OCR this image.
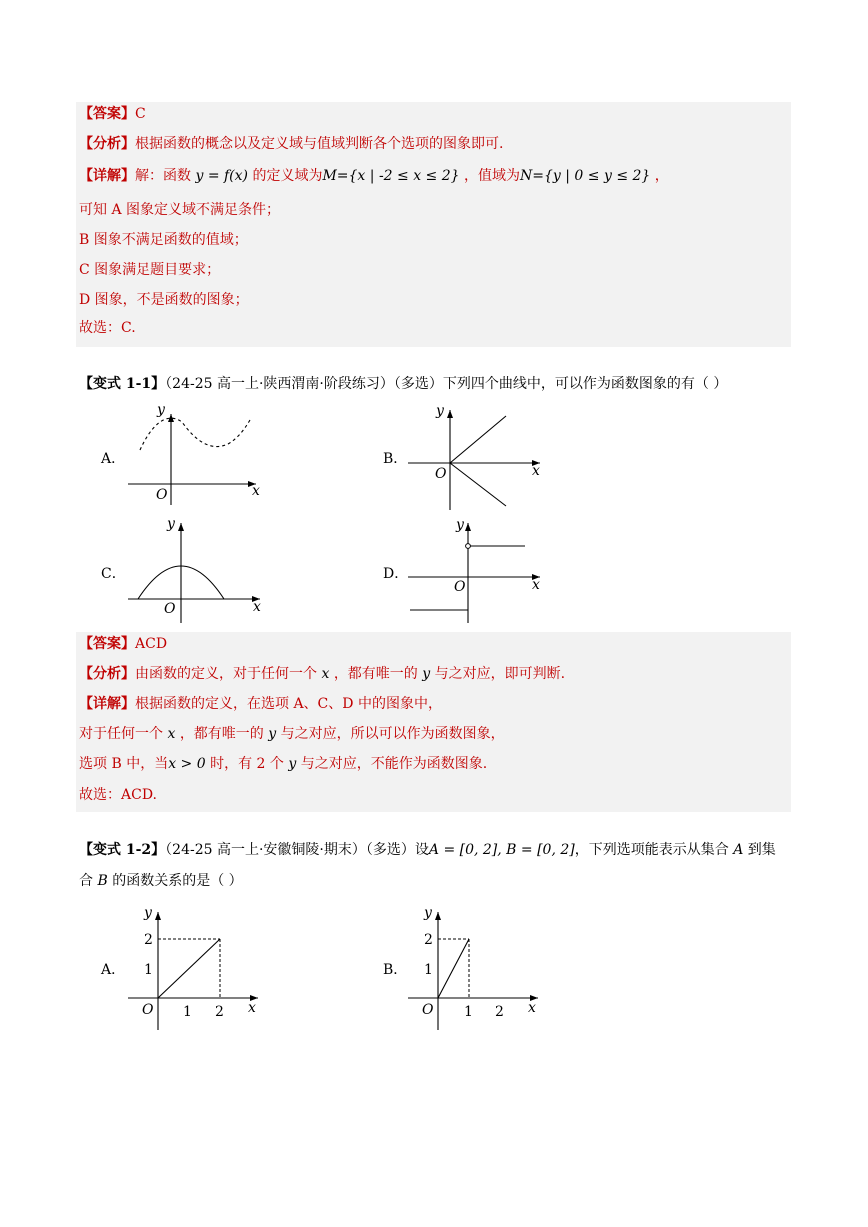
【答案】C
【分析】根据函数的概念以及定义域与值域判断各个选项的图象即可.
【详解】解：函数 y = f(x) 的定义域为M={x | -2 ≤ x ≤ 2} ，值域为N={y | 0 ≤ y ≤ 2} ，
可知 A 图象定义域不满足条件；
B 图象不满足函数的值域；
C 图象满足题目要求；
D 图象，不是函数的图象；
故选：C.
【变式 1-1】（24-25 高一上·陕西渭南·阶段练习）（多选）下列四个曲线中，可以作为函数图象的有（ ）
A．
y
x
O
B．
y
x
O
C．
y
x
O
D．
y
x
O
【答案】ACD
【分析】由函数的定义，对于任何一个 x ，都有唯一的 y 与之对应，即可判断.
【详解】根据函数的定义，在选项 A、C、D 中的图象中，
对于任何一个 x ，都有唯一的 y 与之对应，所以可以作为函数图象，
选项 B 中，当x > 0 时，有 2 个 y 与之对应，不能作为函数图象.
故选：ACD.
【变式 1-2】（24-25 高一上·安徽铜陵·期末）（多选）设A = [0, 2], B = [0, 2]，下列选项能表示从集合 A 到集
合 B 的函数关系的是（ ）
A．
y
2
1
O 1 2 x
B．
y
2
1
O 1 2 x
